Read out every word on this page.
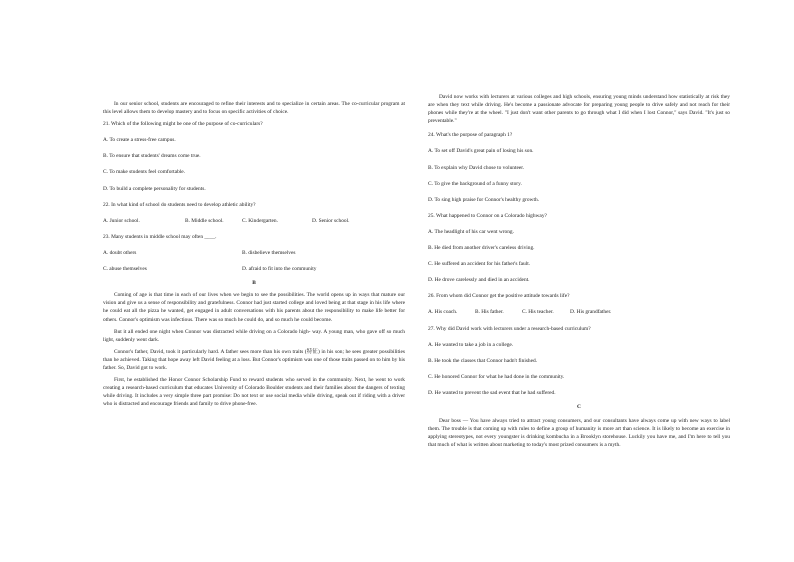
In our senior school, students are encouraged to refine their interests and to specialize in certain areas. The co-curricular program at this level allows them to develop mastery and to focus on specific activities of choice.

21. Which of the following might be one of the purpose of co-curriculars?

A. To create a stress-free campus.

B. To ensure that students' dreams come true.

C. To make students feel comfortable.

D. To build a complete personality for students.

22. In what kind of school do students need to develop athletic ability?

A. Junior school.	B. Middle school.	C. Kindergarten.	D. Senior school.

23. Many students in middle school may often ____.

A. doubt others	B. disbelieve themselves
C. abuse themselves	D. afraid to fit into the community

B

Coming of age is that time in each of our lives when we begin to see the possibilities. The world opens up in ways that mature our vision and give us a sense of responsibility and gratefulness. Connor had just started college and loved being at that stage in his life where he could eat all the pizza he wanted, get engaged in adult conversations with his parents about the responsibility to make life better for others. Connor's optimism was infectious. There was so much he could do, and so much he could become.

But it all ended one night when Connor was distracted while driving on a Colorado high- way. A young man, who gave off so much light, suddenly went dark.

Connor's father, David, took it particularly hard. A father sees more than his own traits (特征) in his son; he sees greater possibilities than he achieved. Taking that hope away left David feeling at a loss. But Connor's optimism was one of those traits passed on to him by his father. So, David got to work.

First, he established the Honor Connor Scholarship Fund to reward students who served in the community. Next, he went to work creating a research-based curriculum that educates University of Colorado Boulder students and their families about the dangers of texting while driving. It includes a very simple three part promise: Do not text or use social media while driving, speak out if riding with a driver who is distracted and encourage friends and family to drive phone-free.

David now works with lecturers at various colleges and high schools, ensuring young minds understand how statistically at risk they are when they text while driving. He's become a passionate advocate for preparing young people to drive safely and not reach for their phones while they're at the wheel. "I just don't want other parents to go through what I did when I lost Connor," says David. "It's just so preventable."

24. What's the purpose of paragraph 1?

A. To set off David's great pain of losing his son.

B. To explain why David chose to volunteer.

C. To give the background of a funny story.

D. To sing high praise for Connor's healthy growth.

25. What happened to Connor on a Colorado highway?

A. The headlight of his car went wrong.

B. He died from another driver's careless driving.

C. He suffered an accident for his father's fault.

D. He drove carelessly and died in an accident.

26. From whom did Connor get the positive attitude towards life?

A. His coach.	B. His father.	C. His teacher.	D. His grandfather.

27. Why did David work with lecturers under a research-based curriculum?

A. He wanted to take a job in a college.

B. He took the classes that Connor hadn't finished.

C. He honored Connor for what he had done in the community.

D. He wanted to prevent the sad event that he had suffered.

C

Dear boss — You have always tried to attract young consumers, and our consultants have always come up with new ways to label them. The trouble is that coming up with rules to define a group of humanity is more art than science. It is likely to become an exercise in applying stereotypes, not every youngster is drinking kombucha in a Brooklyn storehouse. Luckily you have me, and I'm here to tell you that much of what is written about marketing to today's most prized consumers is a myth.
